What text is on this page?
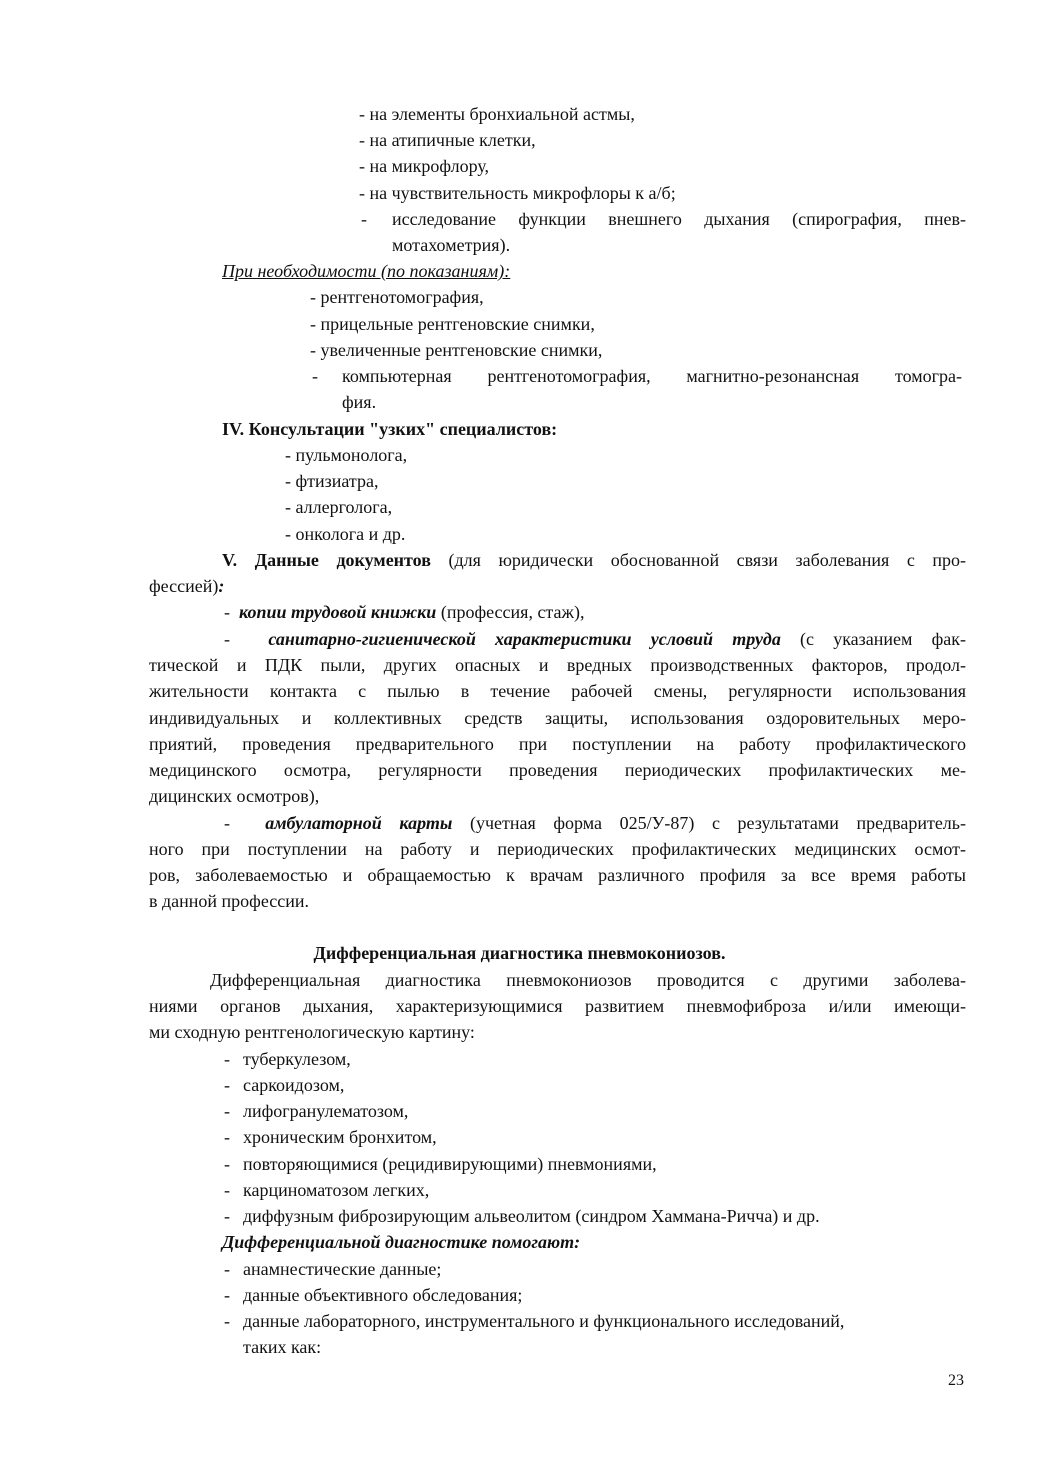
- на элементы бронхиальной астмы,
- на атипичные клетки,
- на микрофлору,
- на чувствительность микрофлоры к а/б;
- исследование функции внешнего дыхания (спирография, пнев-
мотахометрия).
При необходимости (по показаниям):
- рентгенотомография,
- прицельные рентгеновские снимки,
- увеличенные рентгеновские снимки,
- компьютерная рентгенотомография, магнитно-резонансная томогра-
фия.
IV. Консультации "узких" специалистов:
- пульмонолога,
- фтизиатра,
- аллерголога,
- онколога и др.
V. Данные документов (для юридически обоснованной связи заболевания с про-
фессией):
- копии трудовой книжки (профессия, стаж),
- санитарно-гигиенической характеристики условий труда (с указанием фак-
тической и ПДК пыли, других опасных и вредных производственных факторов, продол-
жительности контакта с пылью в течение рабочей смены, регулярности использования
индивидуальных и коллективных средств защиты, использования оздоровительных меро-
приятий, проведения предварительного при поступлении на работу профилактического
медицинского осмотра, регулярности проведения периодических профилактических ме-
дицинских осмотров),
- амбулаторной карты (учетная форма 025/У-87) с результатами предваритель-
ного при поступлении на работу и периодических профилактических медицинских осмот-
ров, заболеваемостью и обращаемостью к врачам различного профиля за все время работы
в данной профессии.
Дифференциальная диагностика пневмокониозов.
Дифференциальная диагностика пневмокониозов проводится с другими заболева-
ниями органов дыхания, характеризующимися развитием пневмофиброза и/или имеющи-
ми сходную рентгенологическую картину:
- туберкулезом,
- саркоидозом,
- лифогранулематозом,
- хроническим бронхитом,
- повторяющимися (рецидивирующими) пневмониями,
- карциноматозом легких,
- диффузным фиброзирующим альвеолитом (синдром Хаммана-Ричча) и др.
Дифференциальной диагностике помогают:
- анамнестические данные;
- данные объективного обследования;
- данные лабораторного, инструментального и функционального исследований,
таких как:
23
